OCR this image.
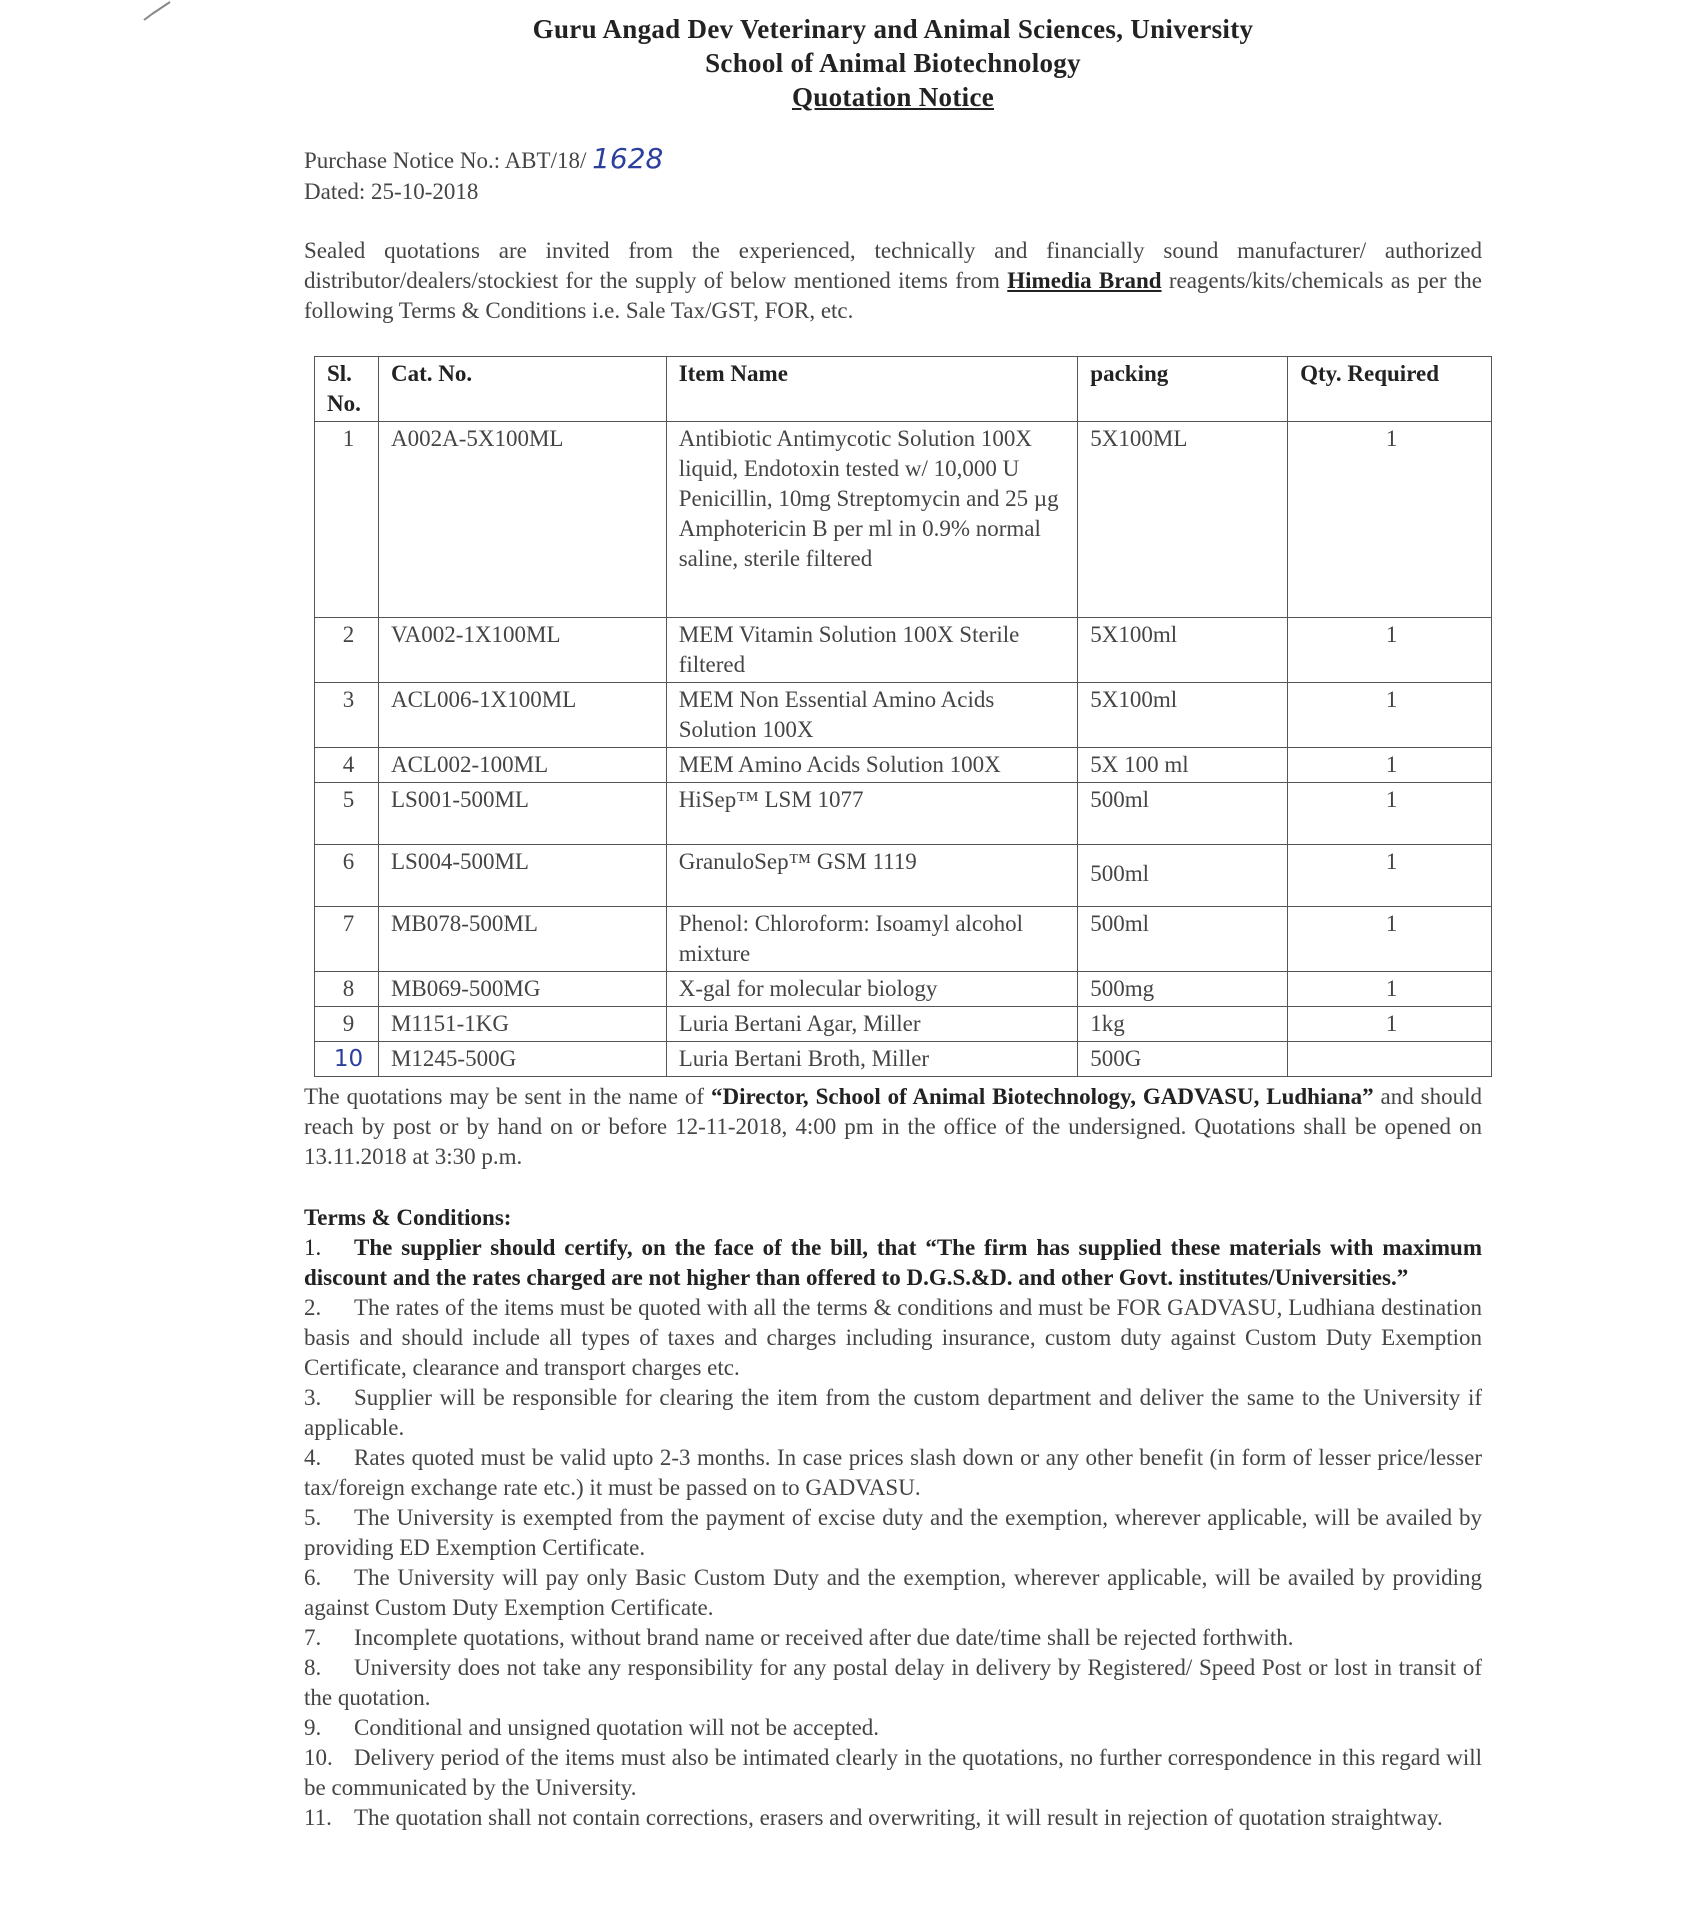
Guru Angad Dev Veterinary and Animal Sciences, University
School of Animal Biotechnology
Quotation Notice
Purchase Notice No.: ABT/18/ 1628
Dated: 25-10-2018
Sealed quotations are invited from the experienced, technically and financially sound manufacturer/ authorized distributor/dealers/stockiest for the supply of below mentioned items from Himedia Brand reagents/kits/chemicals as per the following Terms & Conditions i.e. Sale Tax/GST, FOR, etc.
Sl. No.	Cat. No.	Item Name	packing	Qty. Required
1	A002A-5X100ML	Antibiotic Antimycotic Solution 100X liquid, Endotoxin tested w/ 10,000 U Penicillin, 10mg Streptomycin and 25 µg Amphotericin B per ml in 0.9% normal saline, sterile filtered	5X100ML	1
2	VA002-1X100ML	MEM Vitamin Solution 100X Sterile filtered	5X100ml	1
3	ACL006-1X100ML	MEM Non Essential Amino Acids Solution 100X	5X100ml	1
4	ACL002-100ML	MEM Amino Acids Solution 100X	5X 100 ml	1
5	LS001-500ML	HiSep™ LSM 1077	500ml	1
6	LS004-500ML	GranuloSep™ GSM 1119	500ml	1
7	MB078-500ML	Phenol: Chloroform: Isoamyl alcohol mixture	500ml	1
8	MB069-500MG	X-gal for molecular biology	500mg	1
9	M1151-1KG	Luria Bertani Agar, Miller	1kg	1
10	M1245-500G	Luria Bertani Broth, Miller	500G	
The quotations may be sent in the name of “Director, School of Animal Biotechnology, GADVASU, Ludhiana” and should reach by post or by hand on or before 12-11-2018, 4:00 pm in the office of the undersigned. Quotations shall be opened on 13.11.2018 at 3:30 p.m.
Terms & Conditions:
1. The supplier should certify, on the face of the bill, that “The firm has supplied these materials with maximum discount and the rates charged are not higher than offered to D.G.S.&D. and other Govt. institutes/Universities.”
2. The rates of the items must be quoted with all the terms & conditions and must be FOR GADVASU, Ludhiana destination basis and should include all types of taxes and charges including insurance, custom duty against Custom Duty Exemption Certificate, clearance and transport charges etc.
3. Supplier will be responsible for clearing the item from the custom department and deliver the same to the University if applicable.
4. Rates quoted must be valid upto 2-3 months. In case prices slash down or any other benefit (in form of lesser price/lesser tax/foreign exchange rate etc.) it must be passed on to GADVASU.
5. The University is exempted from the payment of excise duty and the exemption, wherever applicable, will be availed by providing ED Exemption Certificate.
6. The University will pay only Basic Custom Duty and the exemption, wherever applicable, will be availed by providing against Custom Duty Exemption Certificate.
7. Incomplete quotations, without brand name or received after due date/time shall be rejected forthwith.
8. University does not take any responsibility for any postal delay in delivery by Registered/ Speed Post or lost in transit of the quotation.
9. Conditional and unsigned quotation will not be accepted.
10. Delivery period of the items must also be intimated clearly in the quotations, no further correspondence in this regard will be communicated by the University.
11. The quotation shall not contain corrections, erasers and overwriting, it will result in rejection of quotation straightway.
